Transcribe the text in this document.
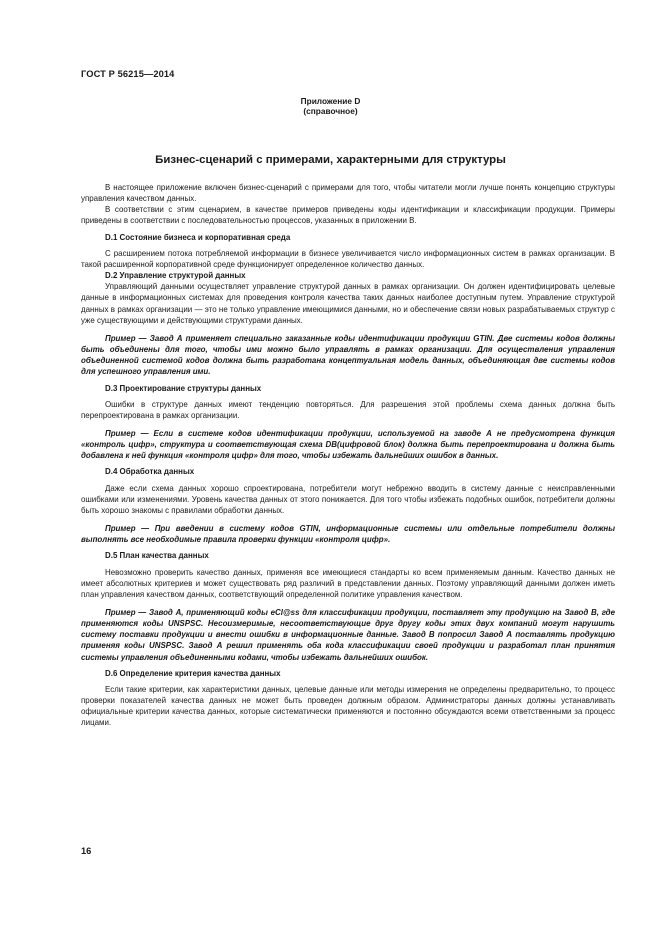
ГОСТ Р 56215—2014
Приложение D
(справочное)
Бизнес-сценарий с примерами, характерными для структуры

В настоящее приложение включен бизнес-сценарий с примерами для того, чтобы читатели могли лучше понять концепцию структуры управления качеством данных.

В соответствии с этим сценарием, в качестве примеров приведены коды идентификации и классификации продукции. Примеры приведены в соответствии с последовательностью процессов, указанных в приложении В.

D.1 Состояние бизнеса и корпоративная среда

С расширением потока потребляемой информации в бизнесе увеличивается число информационных систем в рамках организации. В такой расширенной корпоративной среде функционирует определенное количество данных.

D.2 Управление структурой данных

Управляющий данными осуществляет управление структурой данных в рамках организации. Он должен идентифицировать целевые данные в информационных системах для проведения контроля качества таких данных наиболее доступным путем. Управление структурой данных в рамках организации — это не только управление имеющимися данными, но и обеспечение связи новых разрабатываемых структур с уже существующими и действующими структурами данных.

Пример — Завод А применяет специально заказанные коды идентификации продукции GTIN. Две системы кодов должны быть объединены для того, чтобы ими можно было управлять в рамках организации. Для осуществления управления объединенной системой кодов должна быть разработана концептуальная модель данных, объединяющая две системы кодов для успешного управления ими.

D.3 Проектирование структуры данных

Ошибки в структуре данных имеют тенденцию повторяться. Для разрешения этой проблемы схема данных должна быть перепроектирована в рамках организации.

Пример — Если в системе кодов идентификации продукции, используемой на заводе А не предусмотрена функция «контроль цифр», структура и соответствующая схема DB(цифровой блок) должна быть перепроектирована и должна быть добавлена к ней функция «контроля цифр» для того, чтобы избежать дальнейших ошибок в данных.

D.4 Обработка данных

Даже если схема данных хорошо спроектирована, потребители могут небрежно вводить в систему данные с неисправленными ошибками или изменениями. Уровень качества данных от этого понижается. Для того чтобы избежать подобных ошибок, потребители должны быть хорошо знакомы с правилами обработки данных.

Пример — При введении в систему кодов GTIN, информационные системы или отдельные потребители должны выполнять все необходимые правила проверки функции «контроля цифр».

D.5 План качества данных

Невозможно проверить качество данных, применяя все имеющиеся стандарты ко всем применяемым данным. Качество данных не имеет абсолютных критериев и может существовать ряд различий в представлении данных. Поэтому управляющий данными должен иметь план управления качеством данных, соответствующий определенной политике управления качеством.

Пример — Завод А, применяющий коды eCl@ss для классификации продукции, поставляет эту продукцию на Завод В, где применяются коды UNSPSC. Несоизмеримые, несоответствующие друг другу коды этих двух компаний могут нарушить систему поставки продукции и внести ошибки в информационные данные. Завод В попросил Завод А поставлять продукцию применяя коды UNSPSC. Завод А решил применять оба кода классификации своей продукции и разработал план принятия системы управления объединенными кодами, чтобы избежать дальнейших ошибок.

D.6 Определение критерия качества данных

Если такие критерии, как характеристики данных, целевые данные или методы измерения не определены предварительно, то процесс проверки показателей качества данных не может быть проведен должным образом. Администраторы данных должны устанавливать официальные критерии качества данных, которые систематически применяются и постоянно обсуждаются всеми ответственными за процесс лицами.

16
